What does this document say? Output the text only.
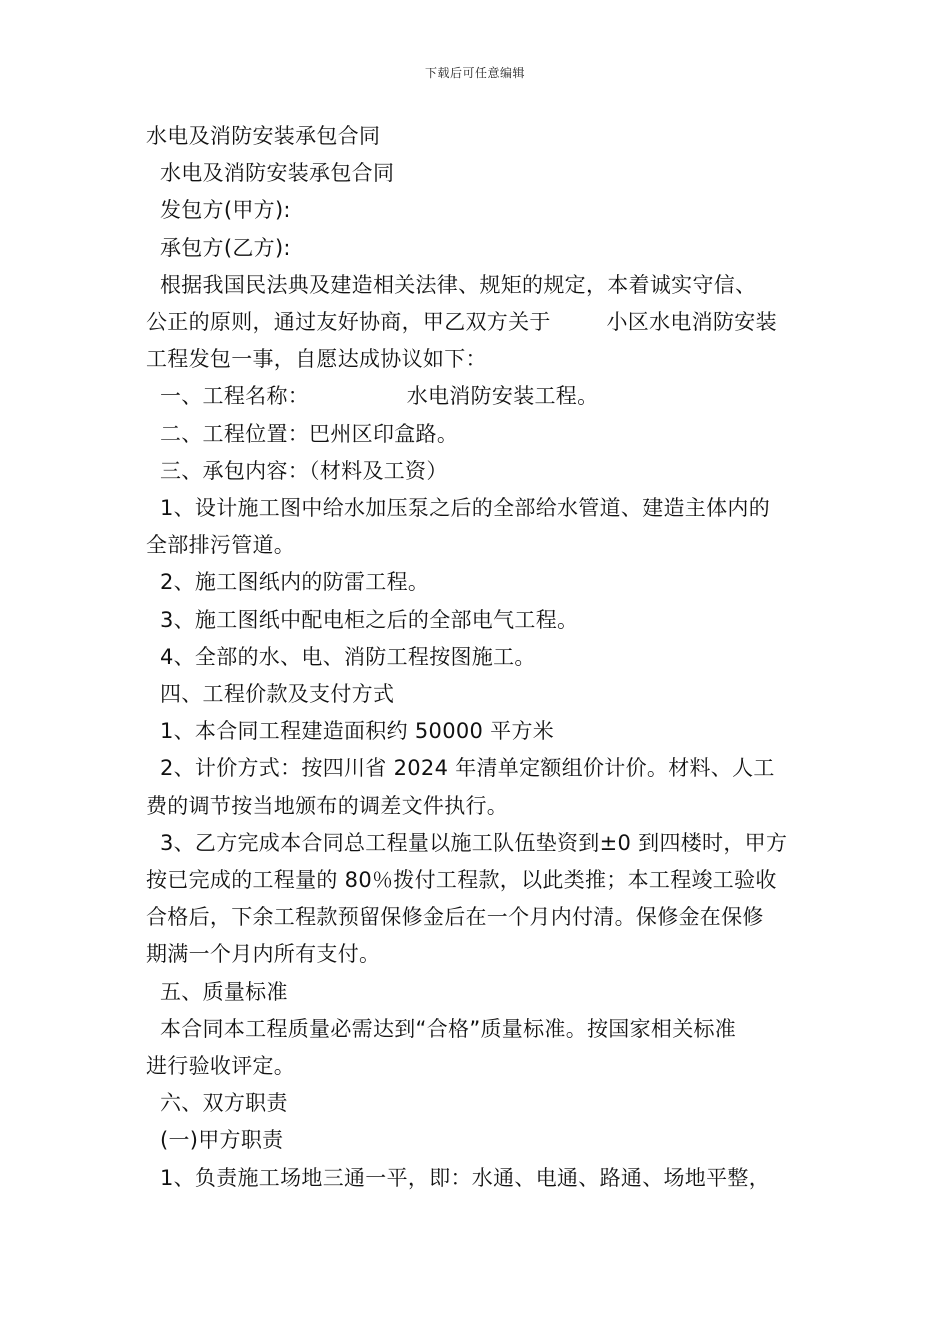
下载后可任意编辑
水电及消防安装承包合同
水电及消防安装承包合同
发包方(甲方):
承包方(乙方):
根据我国民法典及建造相关法律、规矩的规定，本着诚实守信、
公正的原则，通过友好协商，甲乙双方关于        小区水电消防安装
工程发包一事，自愿达成协议如下：
一、工程名称：              水电消防安装工程。
二、工程位置：巴州区印盒路。
三、承包内容：（材料及工资）
1、设计施工图中给水加压泵之后的全部给水管道、建造主体内的
全部排污管道。
2、施工图纸内的防雷工程。
3、施工图纸中配电柜之后的全部电气工程。
4、全部的水、电、消防工程按图施工。
四、工程价款及支付方式
1、本合同工程建造面积约 50000 平方米
2、计价方式：按四川省 2024 年清单定额组价计价。材料、人工
费的调节按当地颁布的调差文件执行。
3、乙方完成本合同总工程量以施工队伍垫资到±0 到四楼时，甲方
按已完成的工程量的 80％拨付工程款，以此类推；本工程竣工验收
合格后，下余工程款预留保修金后在一个月内付清。保修金在保修
期满一个月内所有支付。
五、质量标准
本合同本工程质量必需达到“合格”质量标准。按国家相关标准
进行验收评定。
六、双方职责
(一)甲方职责
1、负责施工场地三通一平，即：水通、电通、路通、场地平整，
